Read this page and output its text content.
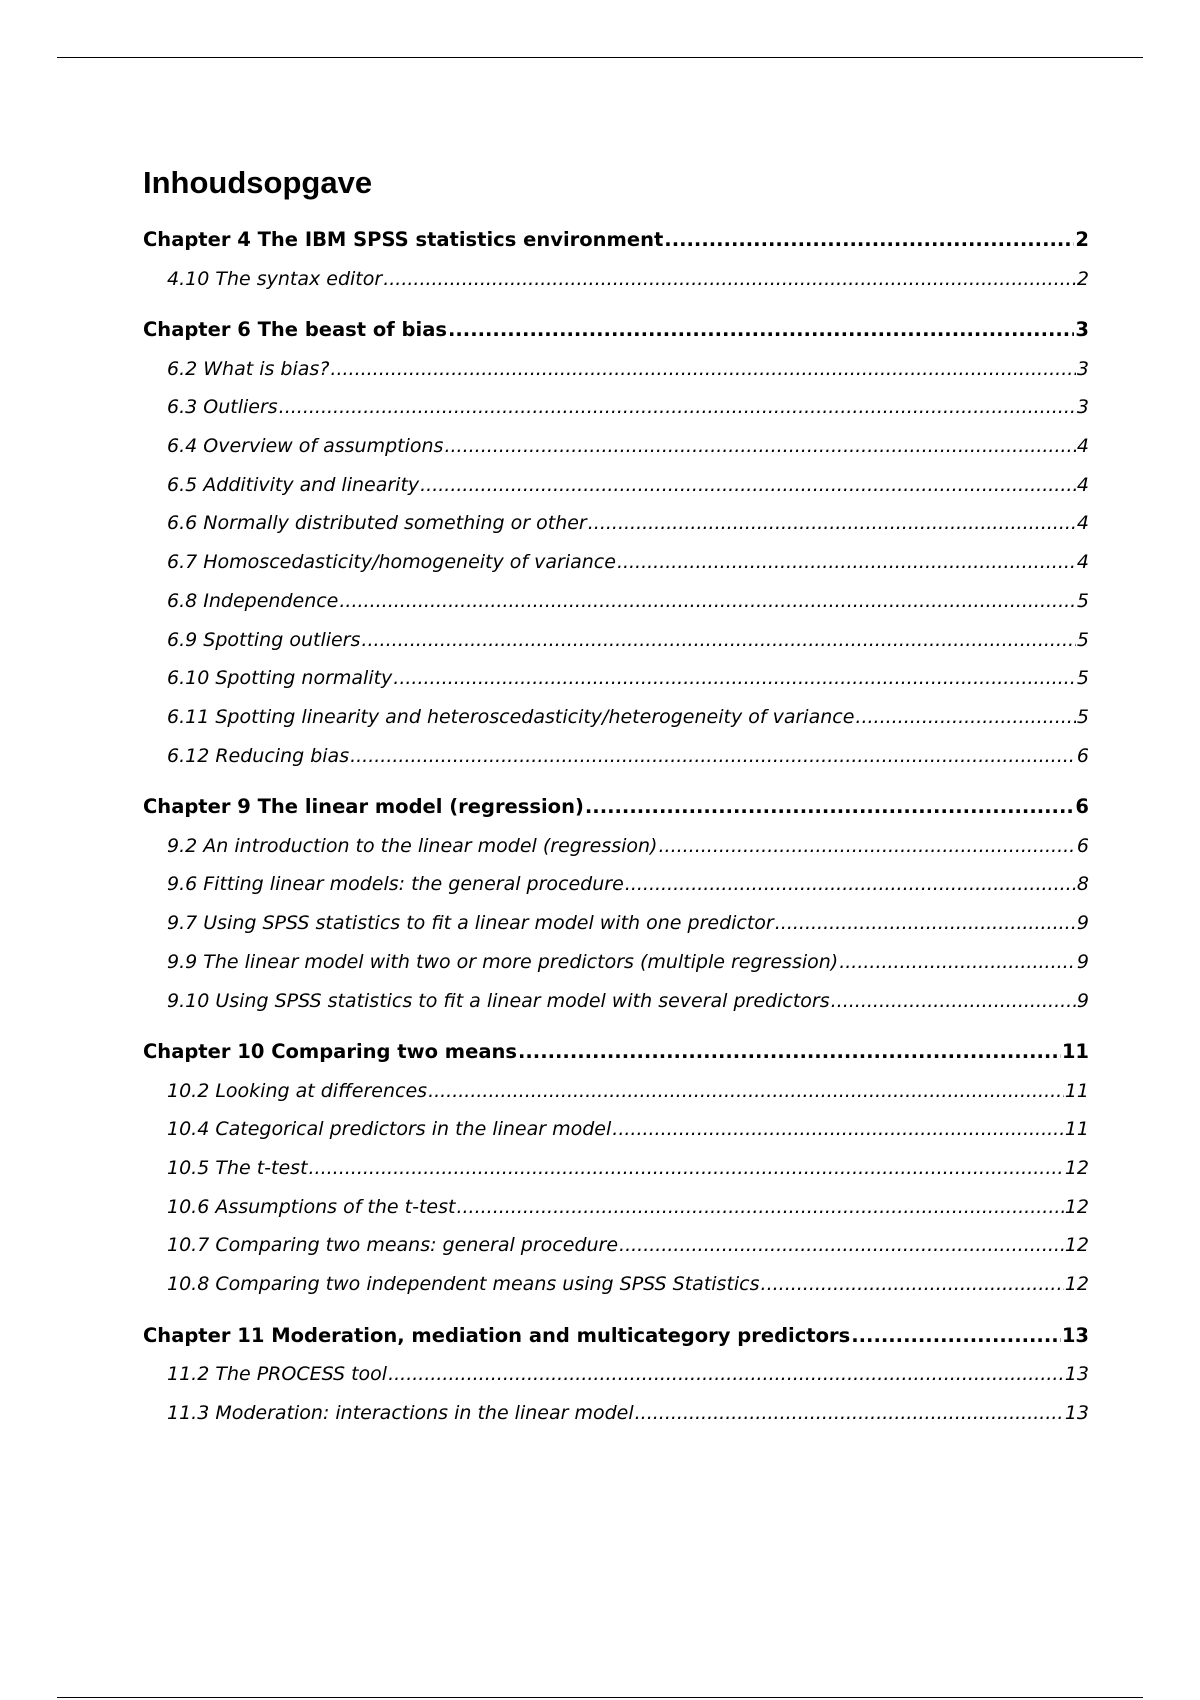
Inhoudsopgave
Chapter 4 The IBM SPSS statistics environment .....	2
4.10 The syntax editor .....	2
Chapter 6 The beast of bias .....	3
6.2 What is bias? .....	3
6.3 Outliers .....	3
6.4 Overview of assumptions .....	4
6.5 Additivity and linearity .....	4
6.6 Normally distributed something or other .....	4
6.7 Homoscedasticity/homogeneity of variance .....	4
6.8 Independence .....	5
6.9 Spotting outliers .....	5
6.10 Spotting normality .....	5
6.11 Spotting linearity and heteroscedasticity/heterogeneity of variance .....	5
6.12 Reducing bias .....	6
Chapter 9 The linear model (regression) .....	6
9.2 An introduction to the linear model (regression) .....	6
9.6 Fitting linear models: the general procedure .....	8
9.7 Using SPSS statistics to fit a linear model with one predictor .....	9
9.9 The linear model with two or more predictors (multiple regression) .....	9
9.10 Using SPSS statistics to fit a linear model with several predictors .....	9
Chapter 10 Comparing two means .....	11
10.2 Looking at differences .....	11
10.4 Categorical predictors in the linear model .....	11
10.5 The t-test .....	12
10.6 Assumptions of the t-test .....	12
10.7 Comparing two means: general procedure .....	12
10.8 Comparing two independent means using SPSS Statistics .....	12
Chapter 11 Moderation, mediation and multicategory predictors .....	13
11.2 The PROCESS tool .....	13
11.3 Moderation: interactions in the linear model .....	13
